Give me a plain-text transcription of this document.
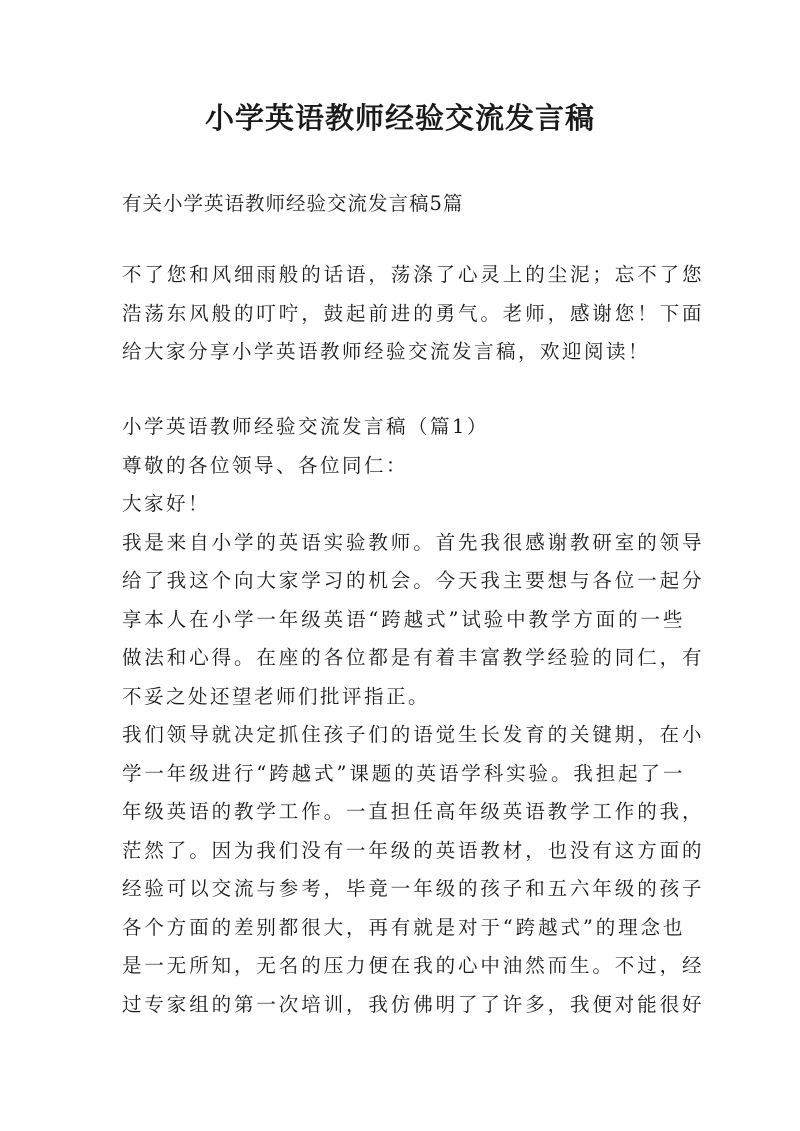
小学英语教师经验交流发言稿
有关小学英语教师经验交流发言稿5篇
不了您和风细雨般的话语，荡涤了心灵上的尘泥；忘不了您
浩荡东风般的叮咛，鼓起前进的勇气。老师，感谢您！下面
给大家分享小学英语教师经验交流发言稿，欢迎阅读！
小学英语教师经验交流发言稿（篇1）
尊敬的各位领导、各位同仁：
大家好！
我是来自小学的英语实验教师。首先我很感谢教研室的领导
给了我这个向大家学习的机会。今天我主要想与各位一起分
享本人在小学一年级英语“跨越式”试验中教学方面的一些
做法和心得。在座的各位都是有着丰富教学经验的同仁，有
不妥之处还望老师们批评指正。
我们领导就决定抓住孩子们的语觉生长发育的关键期，在小
学一年级进行“跨越式”课题的英语学科实验。我担起了一
年级英语的教学工作。一直担任高年级英语教学工作的我，
茫然了。因为我们没有一年级的英语教材，也没有这方面的
经验可以交流与参考，毕竟一年级的孩子和五六年级的孩子
各个方面的差别都很大，再有就是对于“跨越式”的理念也
是一无所知，无名的压力便在我的心中油然而生。不过，经
过专家组的第一次培训，我仿佛明了了许多，我便对能很好
